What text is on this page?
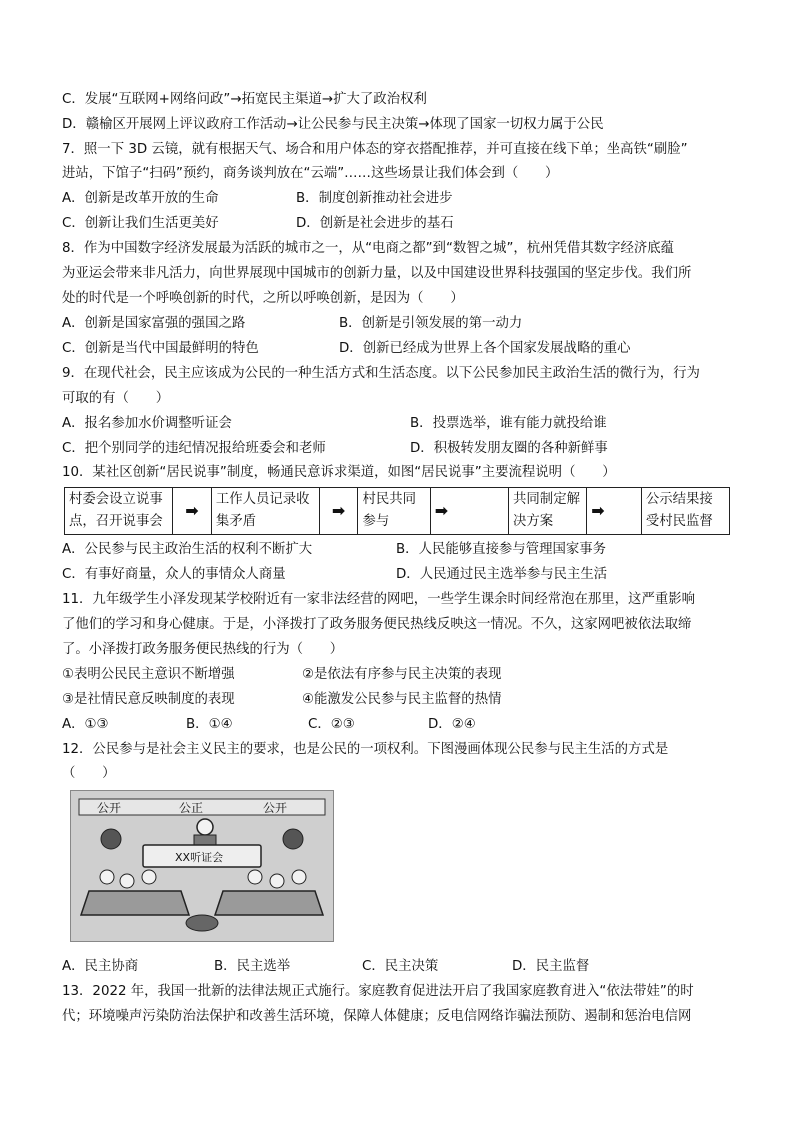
C．发展“互联网+网络问政”→拓宽民主渠道→扩大了政治权利
D．赣榆区开展网上评议政府工作活动→让公民参与民主决策→体现了国家一切权力属于公民
7．照一下 3D 云镜，就有根据天气、场合和用户体态的穿衣搭配推荐，并可直接在线下单；坐高铁“刷脸”
进站，下馆子“扫码”预约，商务谈判放在“云端”……这些场景让我们体会到（　　）
A．创新是改革开放的生命	B．制度创新推动社会进步
C．创新让我们生活更美好	D．创新是社会进步的基石
8．作为中国数字经济发展最为活跃的城市之一，从“电商之都”到“数智之城”，杭州凭借其数字经济底蕴
为亚运会带来非凡活力，向世界展现中国城市的创新力量，以及中国建设世界科技强国的坚定步伐。我们所
处的时代是一个呼唤创新的时代，之所以呼唤创新，是因为（　　）
A．创新是国家富强的强国之路	B．创新是引领发展的第一动力
C．创新是当代中国最鲜明的特色	D．创新已经成为世界上各个国家发展战略的重心
9．在现代社会，民主应该成为公民的一种生活方式和生活态度。以下公民参加民主政治生活的微行为，行为
可取的有（　　）
A．报名参加水价调整听证会	B．投票选举，谁有能力就投给谁
C．把个别同学的违纪情况报给班委会和老师	D．积极转发朋友圈的各种新鲜事
10．某社区创新“居民说事”制度，畅通民意诉求渠道，如图“居民说事”主要流程说明（　　）
村委会设立说事点，召开说事会	➡	工作人员记录收集矛盾	➡	村民共同参与	➡	共同制定解决方案	➡	公示结果接受村民监督
A．公民参与民主政治生活的权利不断扩大	B．人民能够直接参与管理国家事务
C．有事好商量，众人的事情众人商量	D．人民通过民主选举参与民主生活
11．九年级学生小泽发现某学校附近有一家非法经营的网吧，一些学生课余时间经常泡在那里，这严重影响
了他们的学习和身心健康。于是，小泽拨打了政务服务便民热线反映这一情况。不久，这家网吧被依法取缔
了。小泽拨打政务服务便民热线的行为（　　）
①表明公民民主意识不断增强	②是依法有序参与民主决策的表现
③是社情民意反映制度的表现	④能激发公民参与民主监督的热情
A．①③	B．①④	C．②③	D．②④
12．公民参与是社会主义民主的要求，也是公民的一项权利。下图漫画体现公民参与民主生活的方式是
（　　）
公开	公正	公开
XX听证会
A．民主协商	B．民主选举	C．民主决策	D．民主监督
13．2022 年，我国一批新的法律法规正式施行。家庭教育促进法开启了我国家庭教育进入“依法带娃”的时
代；环境噪声污染防治法保护和改善生活环境，保障人体健康；反电信网络诈骗法预防、遏制和惩治电信网
